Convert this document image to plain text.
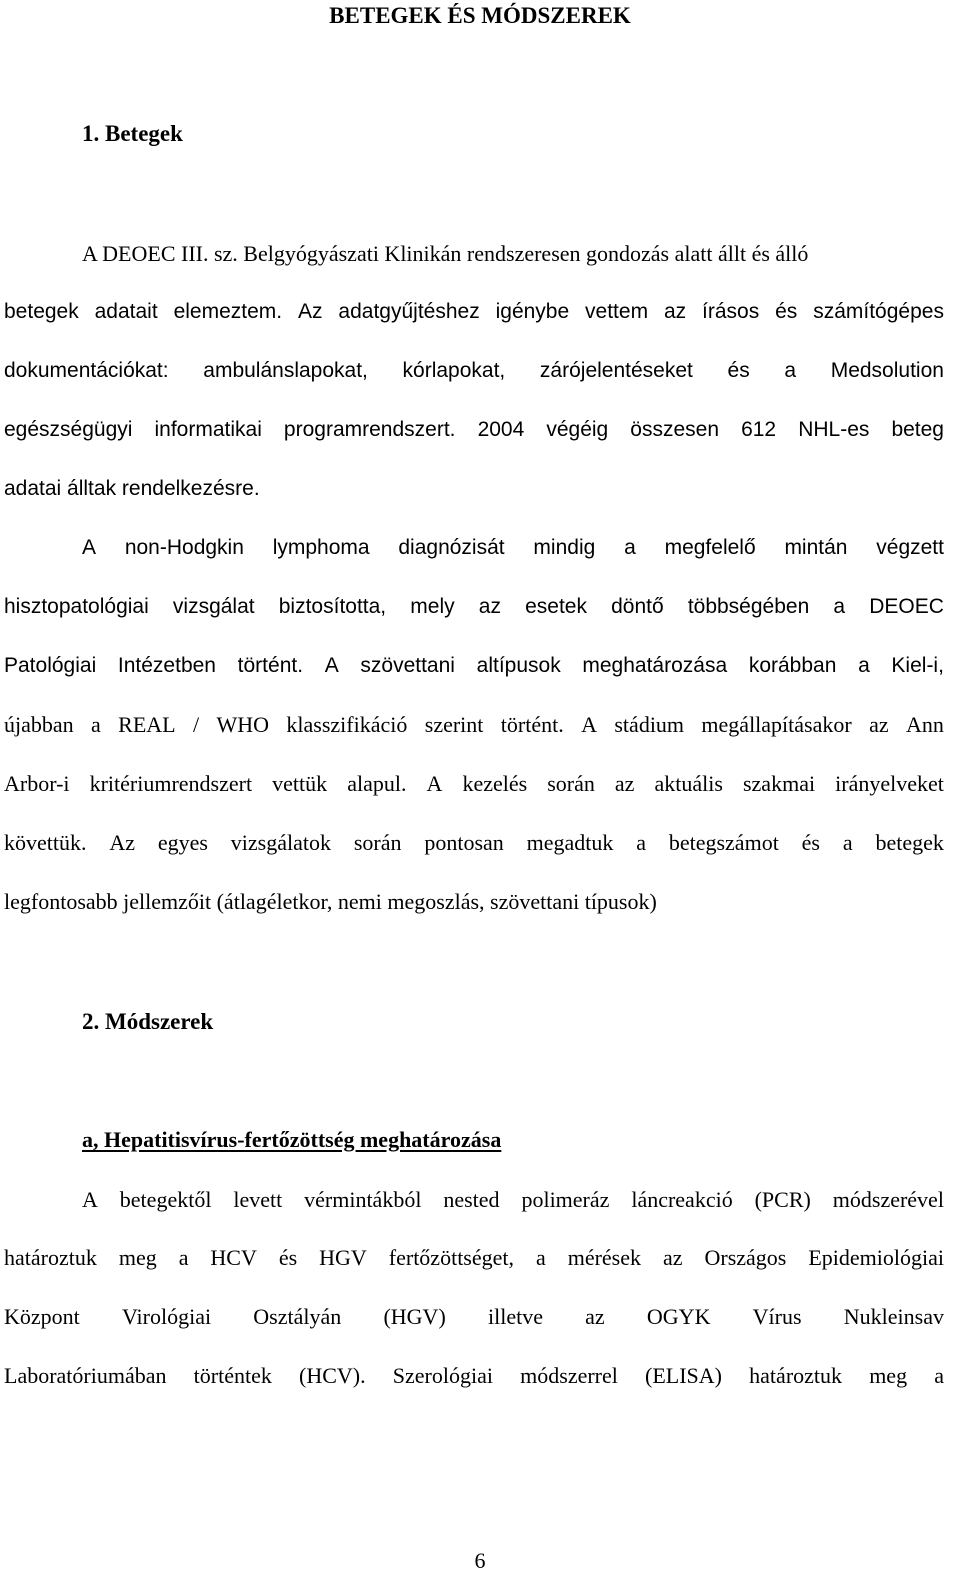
BETEGEK ÉS MÓDSZEREK
1. Betegek

A DEOEC III. sz. Belgyógyászati Klinikán rendszeresen gondozás alatt állt és álló

betegek adatait elemeztem. Az adatgyűjtéshez igénybe vettem az írásos és számítógépes

dokumentációkat: ambulánslapokat, kórlapokat, zárójelentéseket és a Medsolution

egészségügyi informatikai programrendszert. 2004 végéig összesen 612 NHL-es beteg

adatai álltak rendelkezésre.

A non-Hodgkin lymphoma diagnózisát mindig a megfelelő mintán végzett

hisztopatológiai vizsgálat biztosította, mely az esetek döntő többségében a DEOEC

Patológiai Intézetben történt. A szövettani altípusok meghatározása korábban a Kiel-i,

újabban a REAL / WHO klasszifikáció szerint történt. A stádium megállapításakor az Ann

Arbor-i kritériumrendszert vettük alapul. A kezelés során az aktuális szakmai irányelveket

követtük. Az egyes vizsgálatok során pontosan megadtuk a betegszámot és a betegek

legfontosabb jellemzőit (átlagéletkor, nemi megoszlás, szövettani típusok)

2. Módszerek
a, Hepatitisvírus-fertőzöttség meghatározása

A betegektől levett vérmintákból nested polimeráz láncreakció (PCR) módszerével

határoztuk meg a HCV és HGV fertőzöttséget, a mérések az Országos Epidemiológiai

Központ Virológiai Osztályán (HGV) illetve az OGYK Vírus Nukleinsav

Laboratóriumában történtek (HCV). Szerológiai módszerrel (ELISA) határoztuk meg a

6
